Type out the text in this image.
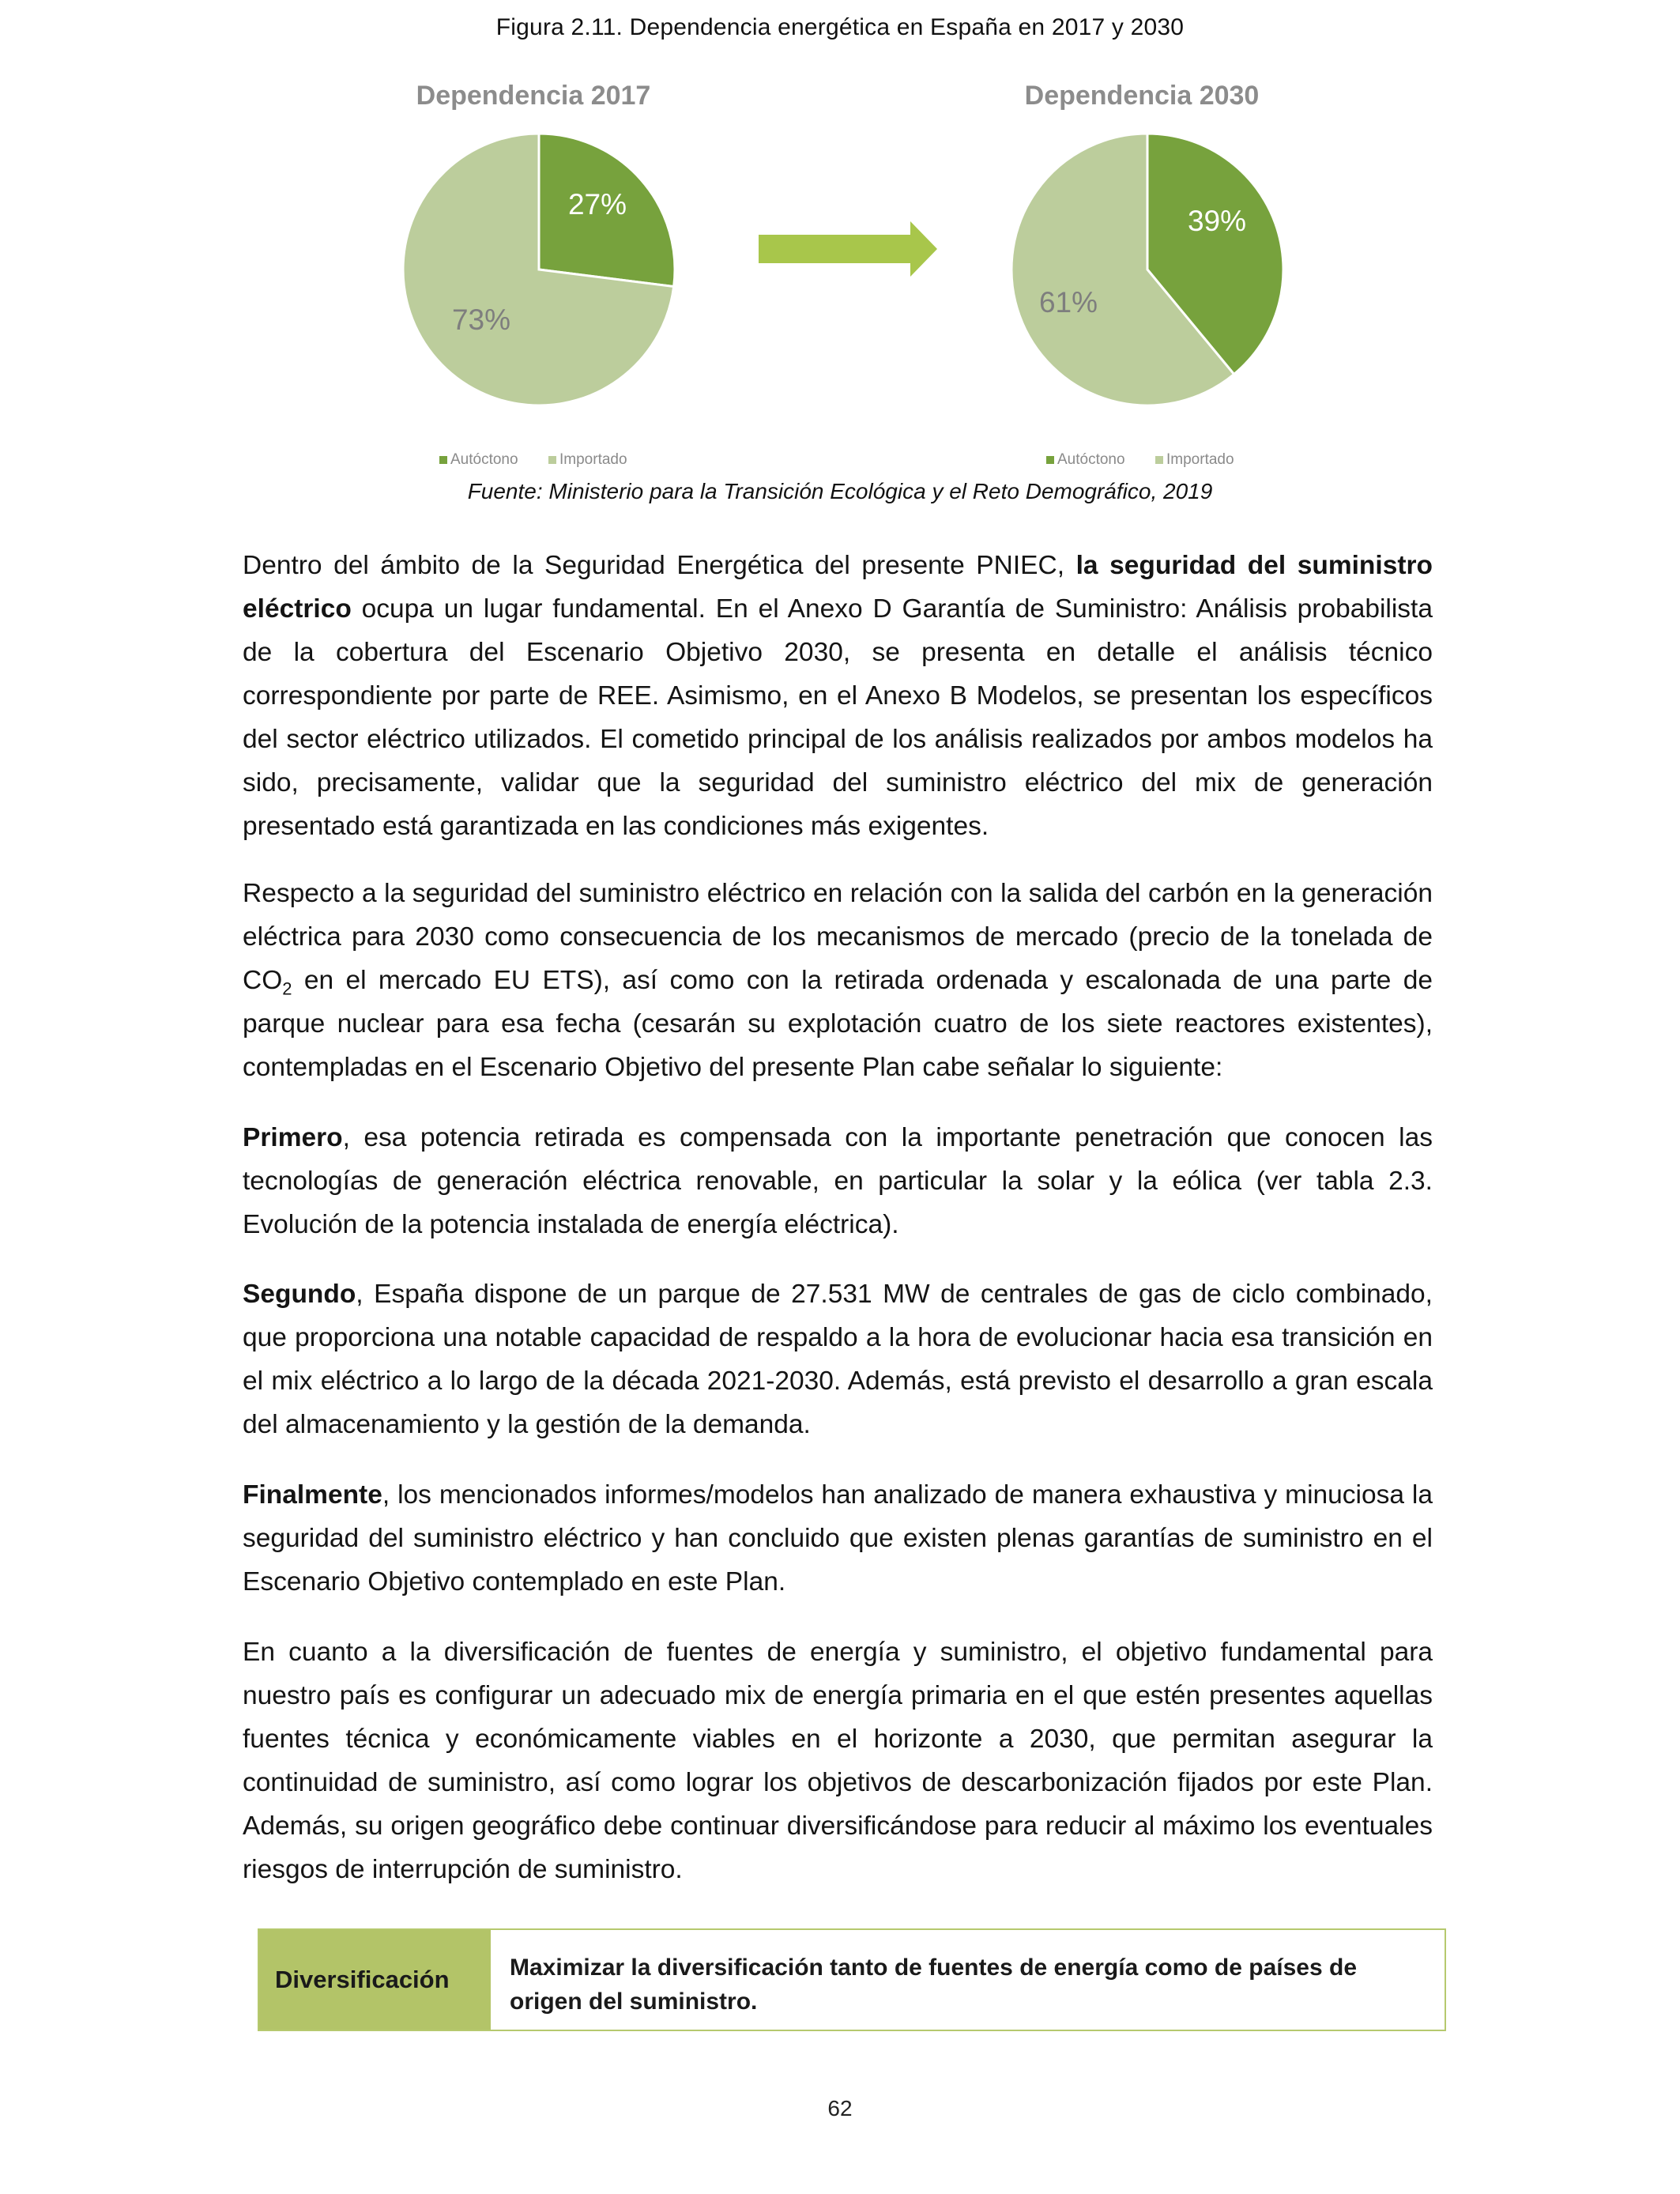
Figura 2.11. Dependencia energética en España en 2017 y 2030
Dependencia 2017
27%
73%
Autóctono	Importado
Dependencia 2030
39%
61%
Autóctono	Importado
Fuente: Ministerio para la Transición Ecológica y el Reto Demográfico, 2019

Dentro del ámbito de la Seguridad Energética del presente PNIEC, la seguridad del suministro eléctrico ocupa un lugar fundamental. En el Anexo D Garantía de Suministro: Análisis probabilista de la cobertura del Escenario Objetivo 2030, se presenta en detalle el análisis técnico correspondiente por parte de REE. Asimismo, en el Anexo B Modelos, se presentan los específicos del sector eléctrico utilizados. El cometido principal de los análisis realizados por ambos modelos ha sido, precisamente, validar que la seguridad del suministro eléctrico del mix de generación presentado está garantizada en las condiciones más exigentes.

Respecto a la seguridad del suministro eléctrico en relación con la salida del carbón en la generación eléctrica para 2030 como consecuencia de los mecanismos de mercado (precio de la tonelada de $CO_2$ en el mercado EU ETS), así como con la retirada ordenada y escalonada de una parte de parque nuclear para esa fecha (cesarán su explotación cuatro de los siete reactores existentes), contempladas en el Escenario Objetivo del presente Plan cabe señalar lo siguiente:

Primero, esa potencia retirada es compensada con la importante penetración que conocen las tecnologías de generación eléctrica renovable, en particular la solar y la eólica (ver tabla 2.3. Evolución de la potencia instalada de energía eléctrica).

Segundo, España dispone de un parque de 27.531 MW de centrales de gas de ciclo combinado, que proporciona una notable capacidad de respaldo a la hora de evolucionar hacia esa transición en el mix eléctrico a lo largo de la década 2021-2030. Además, está previsto el desarrollo a gran escala del almacenamiento y la gestión de la demanda.

Finalmente, los mencionados informes/modelos han analizado de manera exhaustiva y minuciosa la seguridad del suministro eléctrico y han concluido que existen plenas garantías de suministro en el Escenario Objetivo contemplado en este Plan.

En cuanto a la diversificación de fuentes de energía y suministro, el objetivo fundamental para nuestro país es configurar un adecuado mix de energía primaria en el que estén presentes aquellas fuentes técnica y económicamente viables en el horizonte a 2030, que permitan asegurar la continuidad de suministro, así como lograr los objetivos de descarbonización fijados por este Plan. Además, su origen geográfico debe continuar diversificándose para reducir al máximo los eventuales riesgos de interrupción de suministro.

Diversificación	Maximizar la diversificación tanto de fuentes de energía como de países de origen del suministro.
62
